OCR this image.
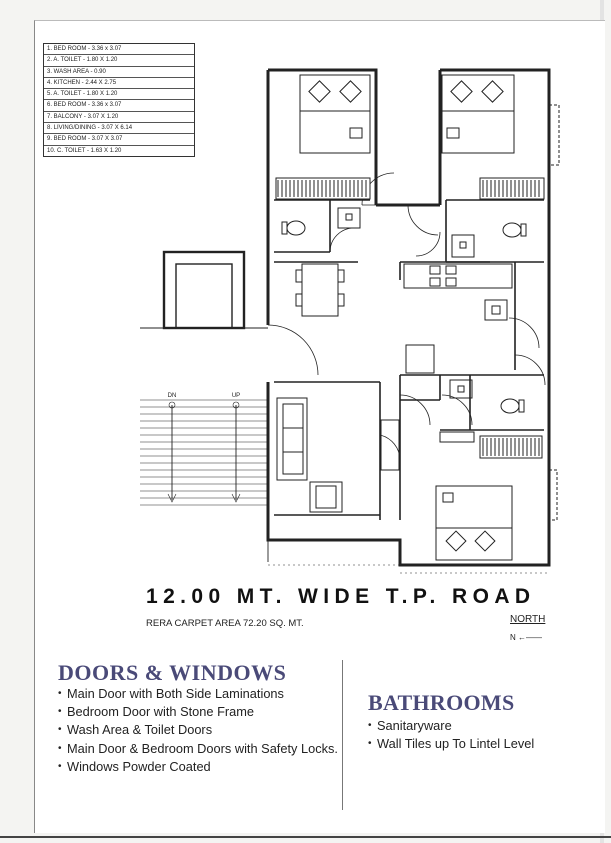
1. BED ROOM - 3.36 x 3.07
2. A. TOILET - 1.80 X 1.20
3. WASH AREA - 0.90
4. KITCHEN - 2.44 X 2.75
5. A. TOILET - 1.80 X 1.20
6. BED ROOM - 3.36 x 3.07
7. BALCONY - 3.07 X 1.20
8. LIVING/DINING - 3.07 X 6.14
9. BED ROOM - 3.07 X 3.07
10. C. TOILET - 1.63 X 1.20
DN	UP
12.00 MT. WIDE T.P. ROAD
RERA CARPET AREA 72.20 SQ. MT.	NORTH
N ←——
DOORS & WINDOWS
• Main Door with Both Side Laminations
• Bedroom Door with Stone Frame
• Wash Area & Toilet Doors
• Main Door & Bedroom Doors with Safety Locks.
• Windows Powder Coated
BATHROOMS
• Sanitaryware
• Wall Tiles up To Lintel Level
